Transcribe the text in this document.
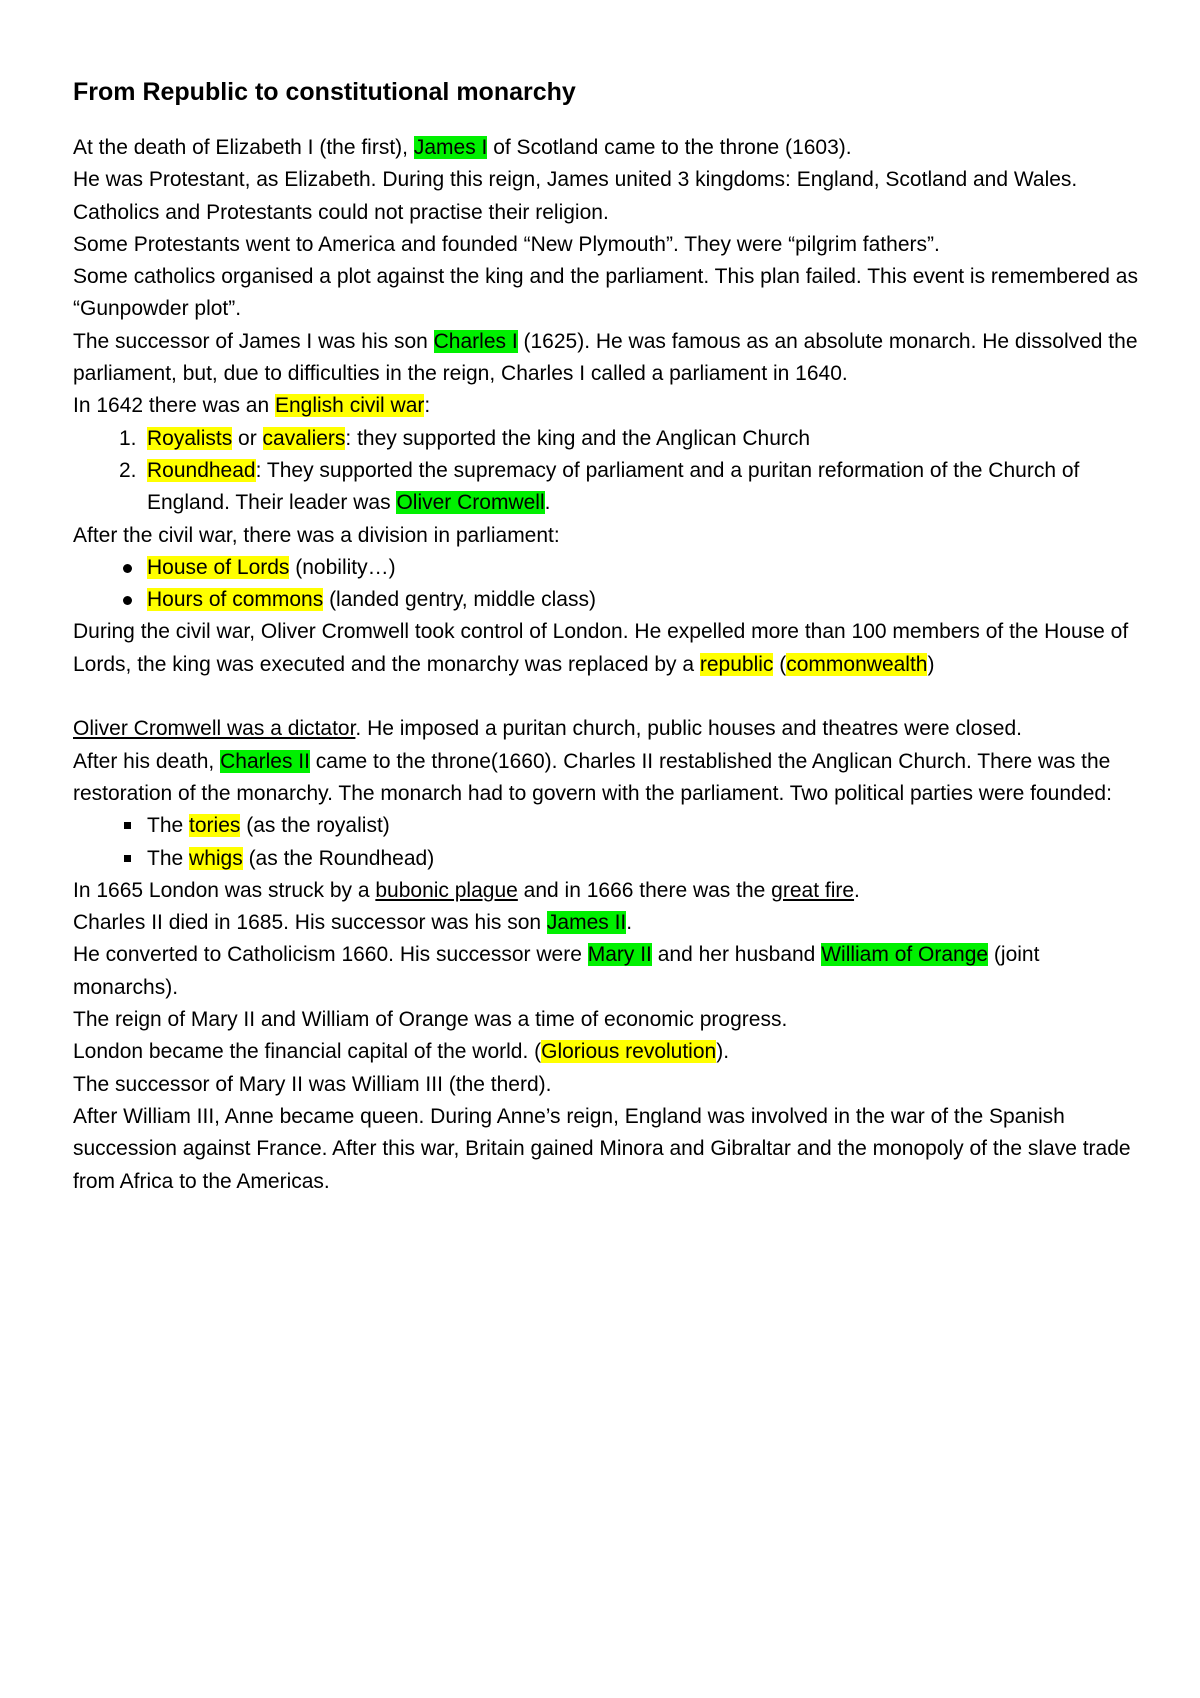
From Republic to constitutional monarchy

At the death of Elizabeth I (the first), James I of Scotland came to the throne (1603).

He was Protestant, as Elizabeth. During this reign, James united 3 kingdoms: England, Scotland and Wales.

Catholics and Protestants could not practise their religion.

Some Protestants went to America and founded “New Plymouth”. They were “pilgrim fathers”.

Some catholics organised a plot against the king and the parliament. This plan failed. This event is remembered as “Gunpowder plot”.

The successor of James I was his son Charles I (1625). He was famous as an absolute monarch. He dissolved the parliament, but, due to difficulties in the reign, Charles I called a parliament in 1640.

In 1642 there was an English civil war:

1. Royalists or cavaliers: they supported the king and the Anglican Church
2. Roundhead: They supported the supremacy of parliament and a puritan reformation of the Church of England. Their leader was Oliver Cromwell.

After the civil war, there was a division in parliament:

House of Lords (nobility…)
Hours of commons (landed gentry, middle class)

During the civil war, Oliver Cromwell took control of London. He expelled more than 100 members of the House of Lords, the king was executed and the monarchy was replaced by a republic (commonwealth)

Oliver Cromwell was a dictator. He imposed a puritan church, public houses and theatres were closed.

After his death, Charles II came to the throne(1660). Charles II restablished the Anglican Church. There was the restoration of the monarchy. The monarch had to govern with the parliament. Two political parties were founded:

The tories (as the royalist)
The whigs (as the Roundhead)

In 1665 London was struck by a bubonic plague and in 1666 there was the great fire.

Charles II died in 1685. His successor was his son James II.

He converted to Catholicism 1660. His successor were Mary II and her husband William of Orange (joint monarchs).

The reign of Mary II and William of Orange was a time of economic progress.

London became the financial capital of the world. (Glorious revolution).

The successor of Mary II was William III (the therd).

After William III, Anne became queen. During Anne’s reign, England was involved in the war of the Spanish succession against France. After this war, Britain gained Minora and Gibraltar and the monopoly of the slave trade from Africa to the Americas.
